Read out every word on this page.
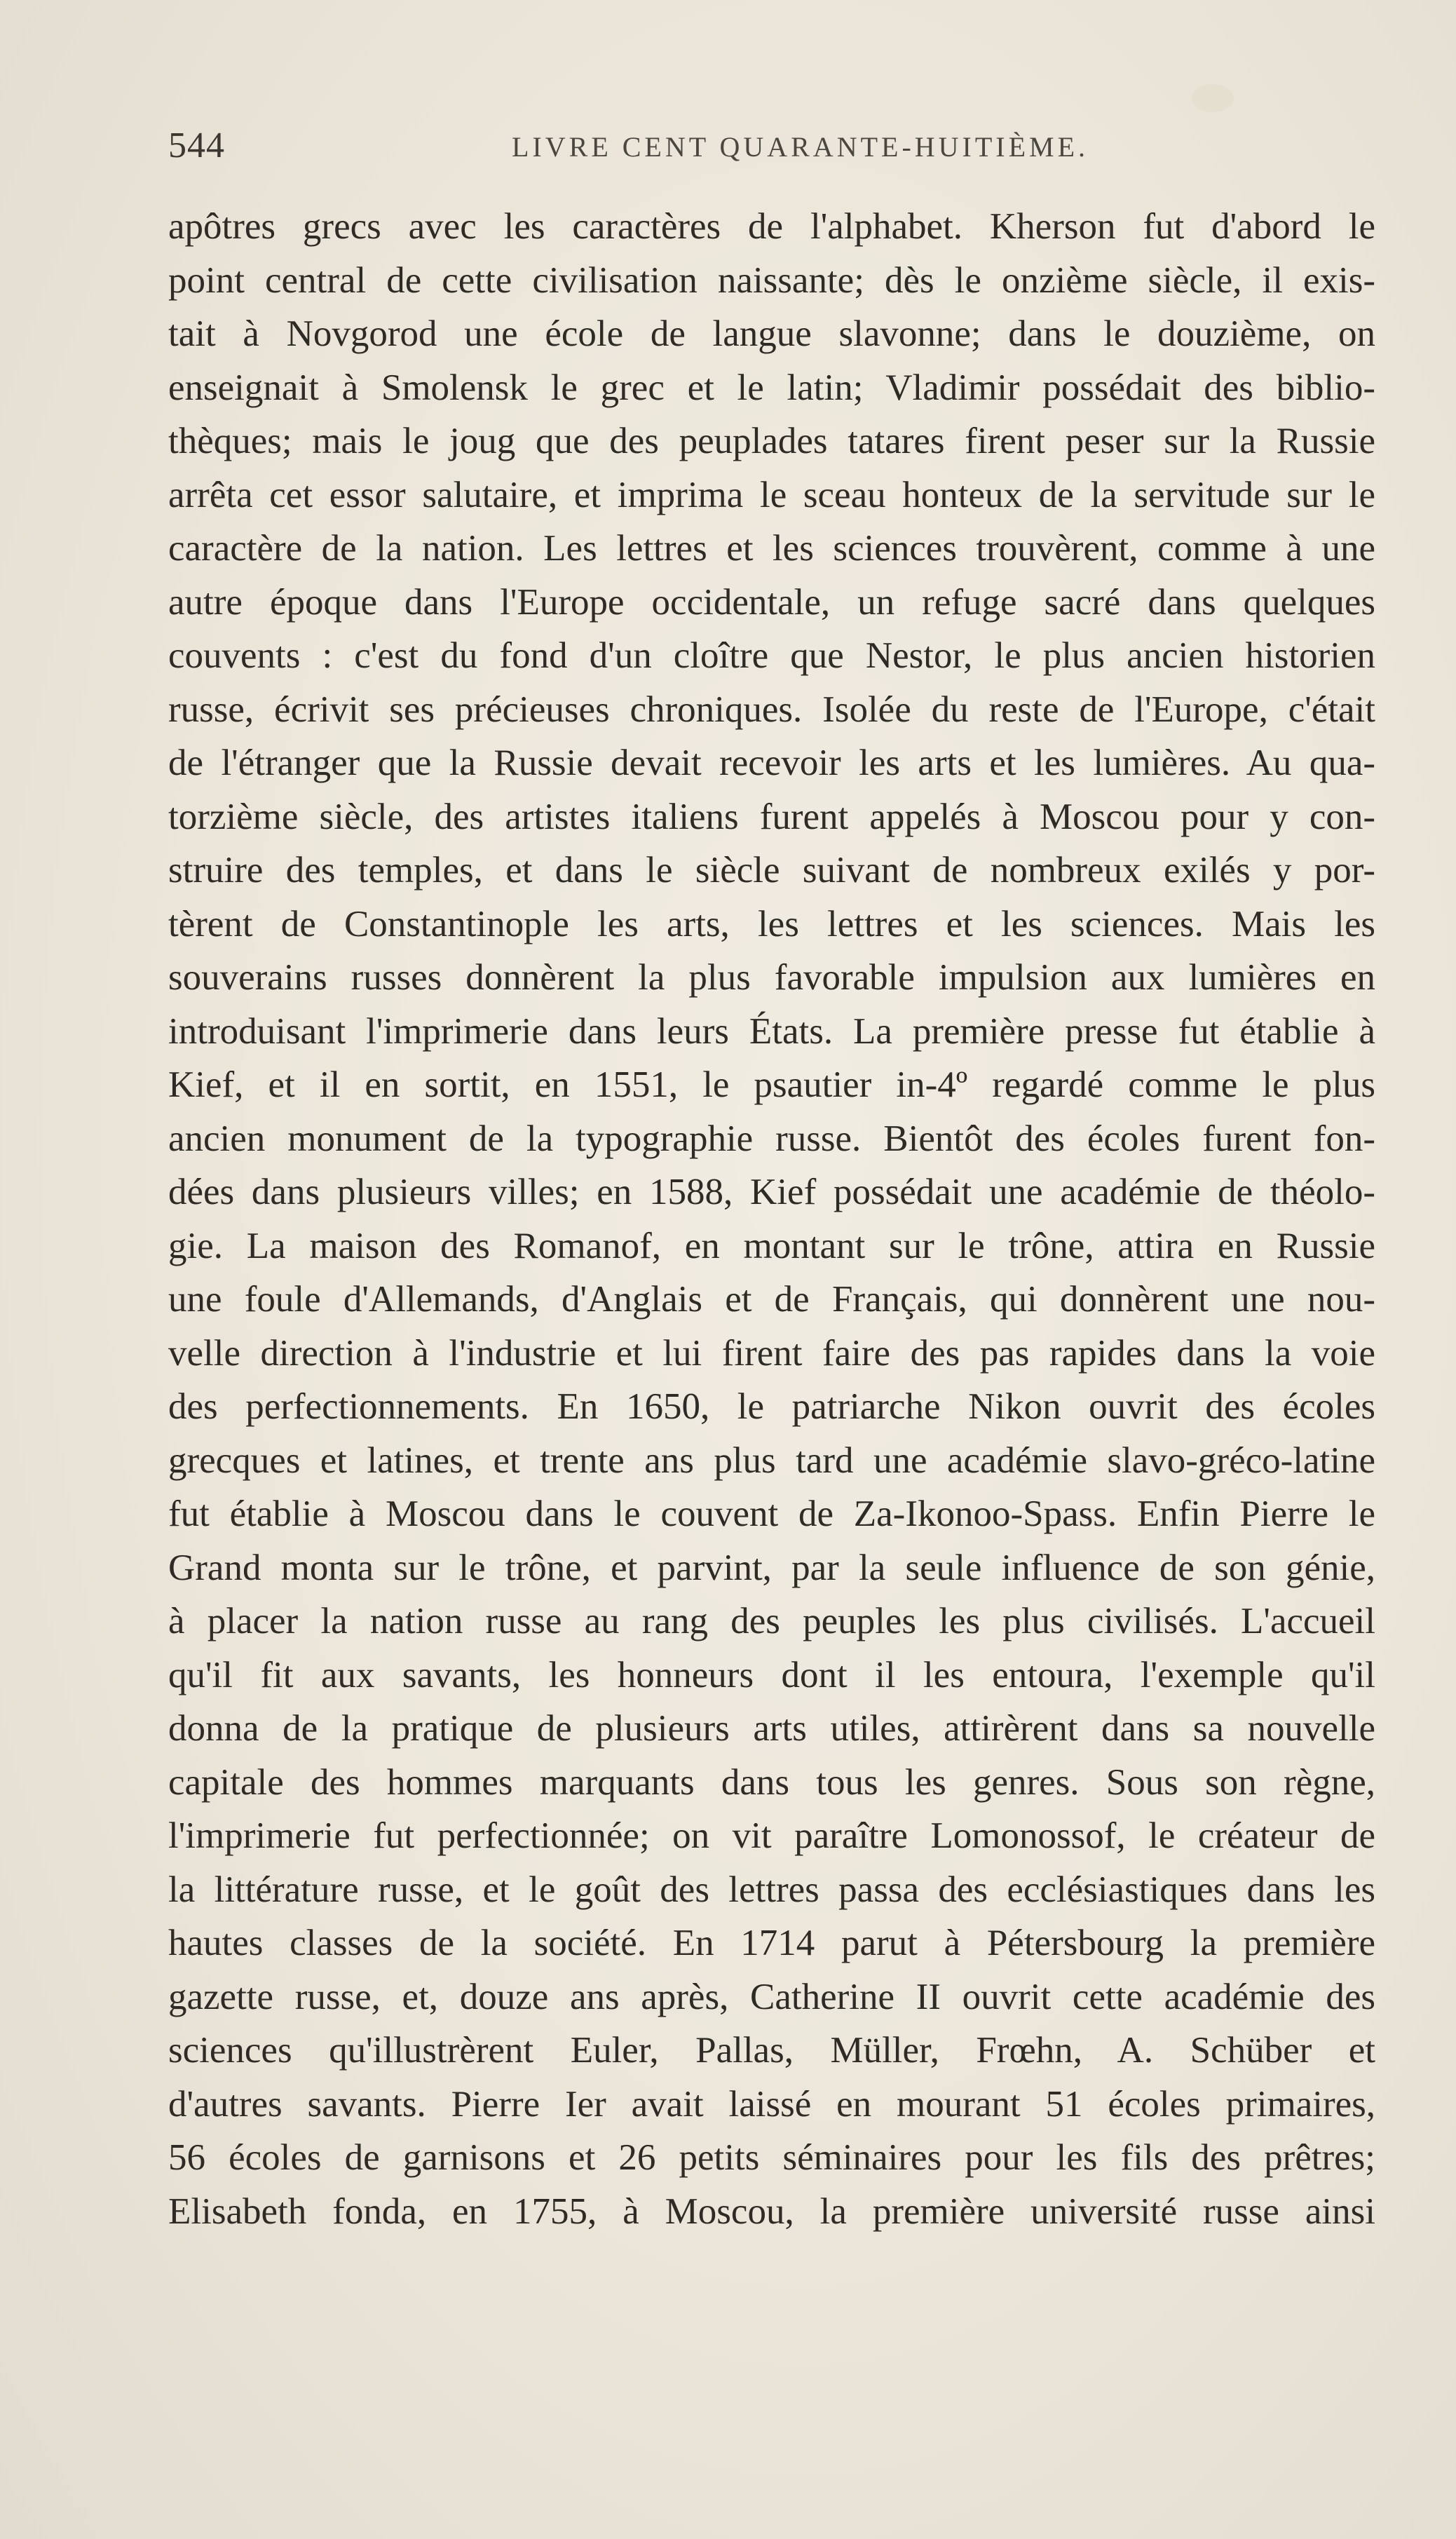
544	LIVRE CENT QUARANTE-HUITIÈME.
apôtres grecs avec les caractères de l'alphabet. Kherson fut d'abord le
point central de cette civilisation naissante; dès le onzième siècle, il exis-
tait à Novgorod une école de langue slavonne; dans le douzième, on
enseignait à Smolensk le grec et le latin; Vladimir possédait des biblio-
thèques; mais le joug que des peuplades tatares firent peser sur la Russie
arrêta cet essor salutaire, et imprima le sceau honteux de la servitude sur le
caractère de la nation. Les lettres et les sciences trouvèrent, comme à une
autre époque dans l'Europe occidentale, un refuge sacré dans quelques
couvents : c'est du fond d'un cloître que Nestor, le plus ancien historien
russe, écrivit ses précieuses chroniques. Isolée du reste de l'Europe, c'était
de l'étranger que la Russie devait recevoir les arts et les lumières. Au qua-
torzième siècle, des artistes italiens furent appelés à Moscou pour y con-
struire des temples, et dans le siècle suivant de nombreux exilés y por-
tèrent de Constantinople les arts, les lettres et les sciences. Mais les
souverains russes donnèrent la plus favorable impulsion aux lumières en
introduisant l'imprimerie dans leurs États. La première presse fut établie à
Kief, et il en sortit, en 1551, le psautier in-4º regardé comme le plus
ancien monument de la typographie russe. Bientôt des écoles furent fon-
dées dans plusieurs villes; en 1588, Kief possédait une académie de théolo-
gie. La maison des Romanof, en montant sur le trône, attira en Russie
une foule d'Allemands, d'Anglais et de Français, qui donnèrent une nou-
velle direction à l'industrie et lui firent faire des pas rapides dans la voie
des perfectionnements. En 1650, le patriarche Nikon ouvrit des écoles
grecques et latines, et trente ans plus tard une académie slavo-gréco-latine
fut établie à Moscou dans le couvent de Za-Ikonoo-Spass. Enfin Pierre le
Grand monta sur le trône, et parvint, par la seule influence de son génie,
à placer la nation russe au rang des peuples les plus civilisés. L'accueil
qu'il fit aux savants, les honneurs dont il les entoura, l'exemple qu'il
donna de la pratique de plusieurs arts utiles, attirèrent dans sa nouvelle
capitale des hommes marquants dans tous les genres. Sous son règne,
l'imprimerie fut perfectionnée; on vit paraître Lomonossof, le créateur de
la littérature russe, et le goût des lettres passa des ecclésiastiques dans les
hautes classes de la société. En 1714 parut à Pétersbourg la première
gazette russe, et, douze ans après, Catherine II ouvrit cette académie des
sciences qu'illustrèrent Euler, Pallas, Müller, Frœhn, A. Schüber et
d'autres savants. Pierre Ier avait laissé en mourant 51 écoles primaires,
56 écoles de garnisons et 26 petits séminaires pour les fils des prêtres;
Elisabeth fonda, en 1755, à Moscou, la première université russe ainsi
